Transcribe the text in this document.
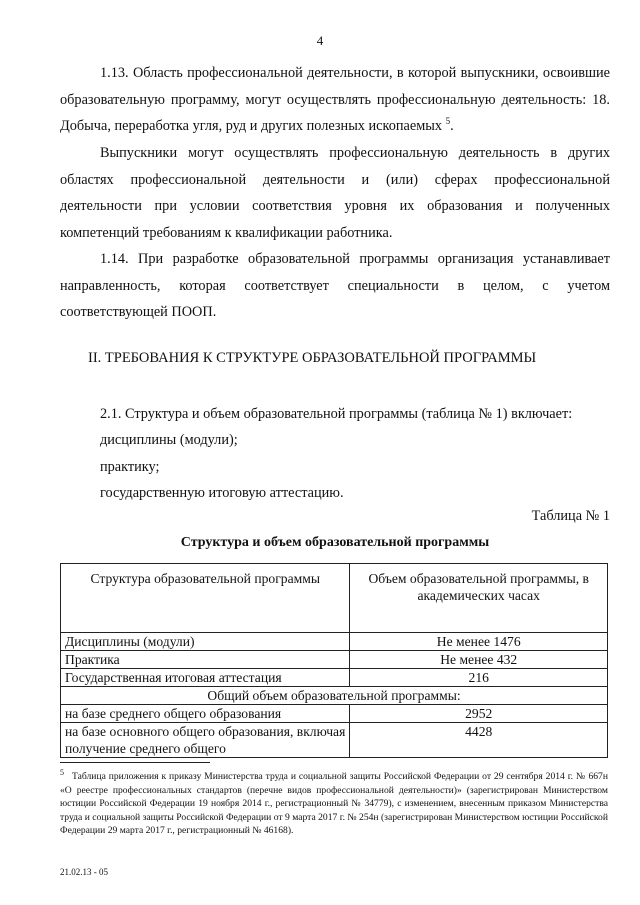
4

1.13. Область профессиональной деятельности, в которой выпускники, освоившие образовательную программу, могут осуществлять профессиональную деятельность: 18. Добыча, переработка угля, руд и других полезных ископаемых $^5$.

Выпускники могут осуществлять профессиональную деятельность в других областях профессиональной деятельности и (или) сферах профессиональной деятельности при условии соответствия уровня их образования и полученных компетенций требованиям к квалификации работника.

1.14. При разработке образовательной программы организация устанавливает направленность, которая соответствует специальности в целом, с учетом соответствующей ПООП.

II. ТРЕБОВАНИЯ К СТРУКТУРЕ ОБРАЗОВАТЕЛЬНОЙ ПРОГРАММЫ

2.1. Структура и объем образовательной программы (таблица № 1) включает:

дисциплины (модули);
практику;
государственную итоговую аттестацию.
Таблица № 1
Структура и объем образовательной программы
Структура образовательной программы	Объем образовательной программы, в академических часах
Дисциплины (модули)	Не менее 1476
Практика	Не менее 432
Государственная итоговая аттестация	216
Общий объем образовательной программы:	
на базе среднего общего образования	2952
на базе основного общего образования, включая получение среднего общего	4428
$^5$ Таблица приложения к приказу Министерства труда и социальной защиты Российской Федерации от 29 сентября 2014 г. № 667н «О реестре профессиональных стандартов (перечне видов профессиональной деятельности)» (зарегистрирован Министерством юстиции Российской Федерации 19 ноября 2014 г., регистрационный № 34779), с изменением, внесенным приказом Министерства труда и социальной защиты Российской Федерации от 9 марта 2017 г. № 254н (зарегистрирован Министерством юстиции Российской Федерации 29 марта 2017 г., регистрационный № 46168).
21.02.13 - 05
